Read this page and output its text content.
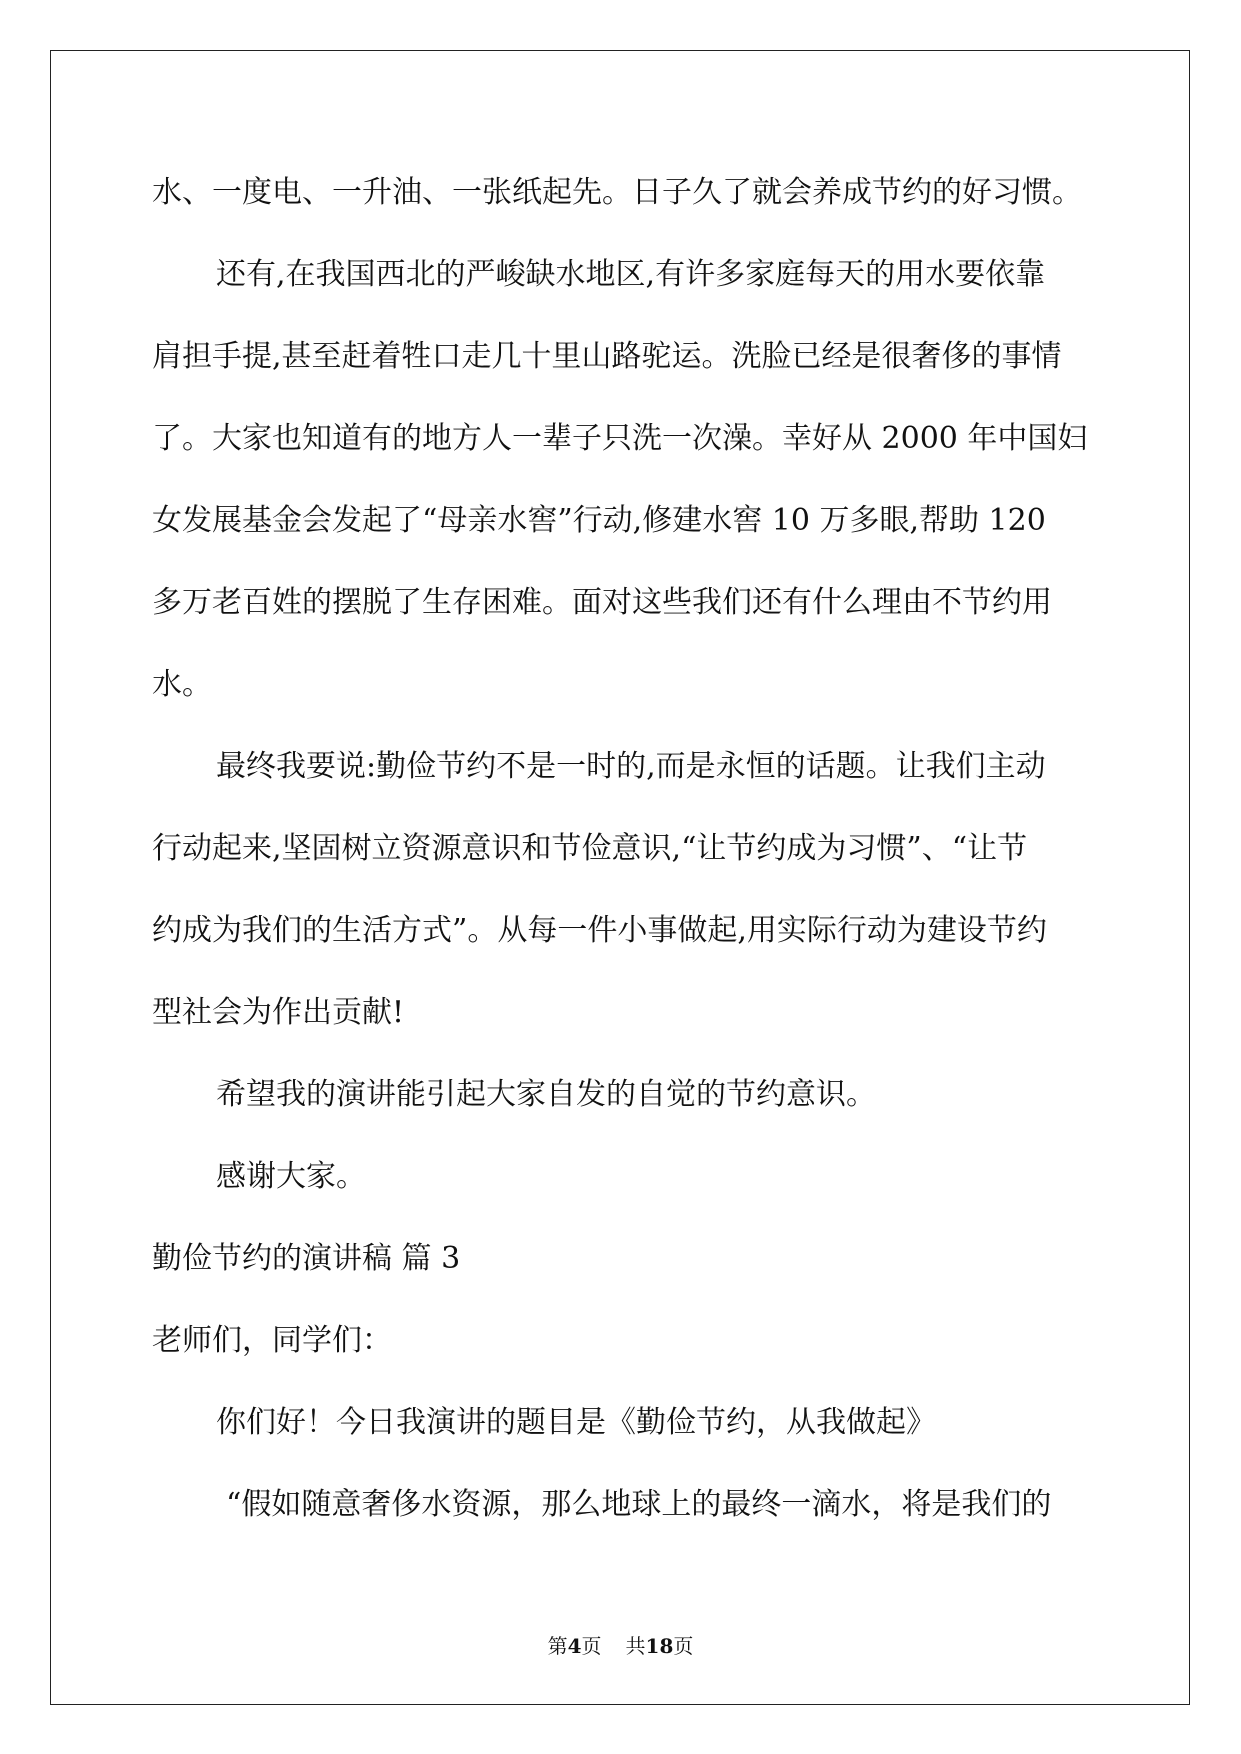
水、一度电、一升油、一张纸起先。日子久了就会养成节约的好习惯。
还有,在我国西北的严峻缺水地区,有许多家庭每天的用水要依靠
肩担手提,甚至赶着牲口走几十里山路驼运。洗脸已经是很奢侈的事情
了。大家也知道有的地方人一辈子只洗一次澡。幸好从 2000 年中国妇
女发展基金会发起了“母亲水窖”行动,修建水窖 10 万多眼,帮助 120
多万老百姓的摆脱了生存困难。面对这些我们还有什么理由不节约用
水。
最终我要说:勤俭节约不是一时的,而是永恒的话题。让我们主动
行动起来,坚固树立资源意识和节俭意识,“让节约成为习惯”、“让节
约成为我们的生活方式”。从每一件小事做起,用实际行动为建设节约
型社会为作出贡献!
希望我的演讲能引起大家自发的自觉的节约意识。
感谢大家。
勤俭节约的演讲稿 篇 3
老师们，同学们：
你们好！今日我演讲的题目是《勤俭节约，从我做起》
“假如随意奢侈水资源，那么地球上的最终一滴水，将是我们的
第4页 共18页
